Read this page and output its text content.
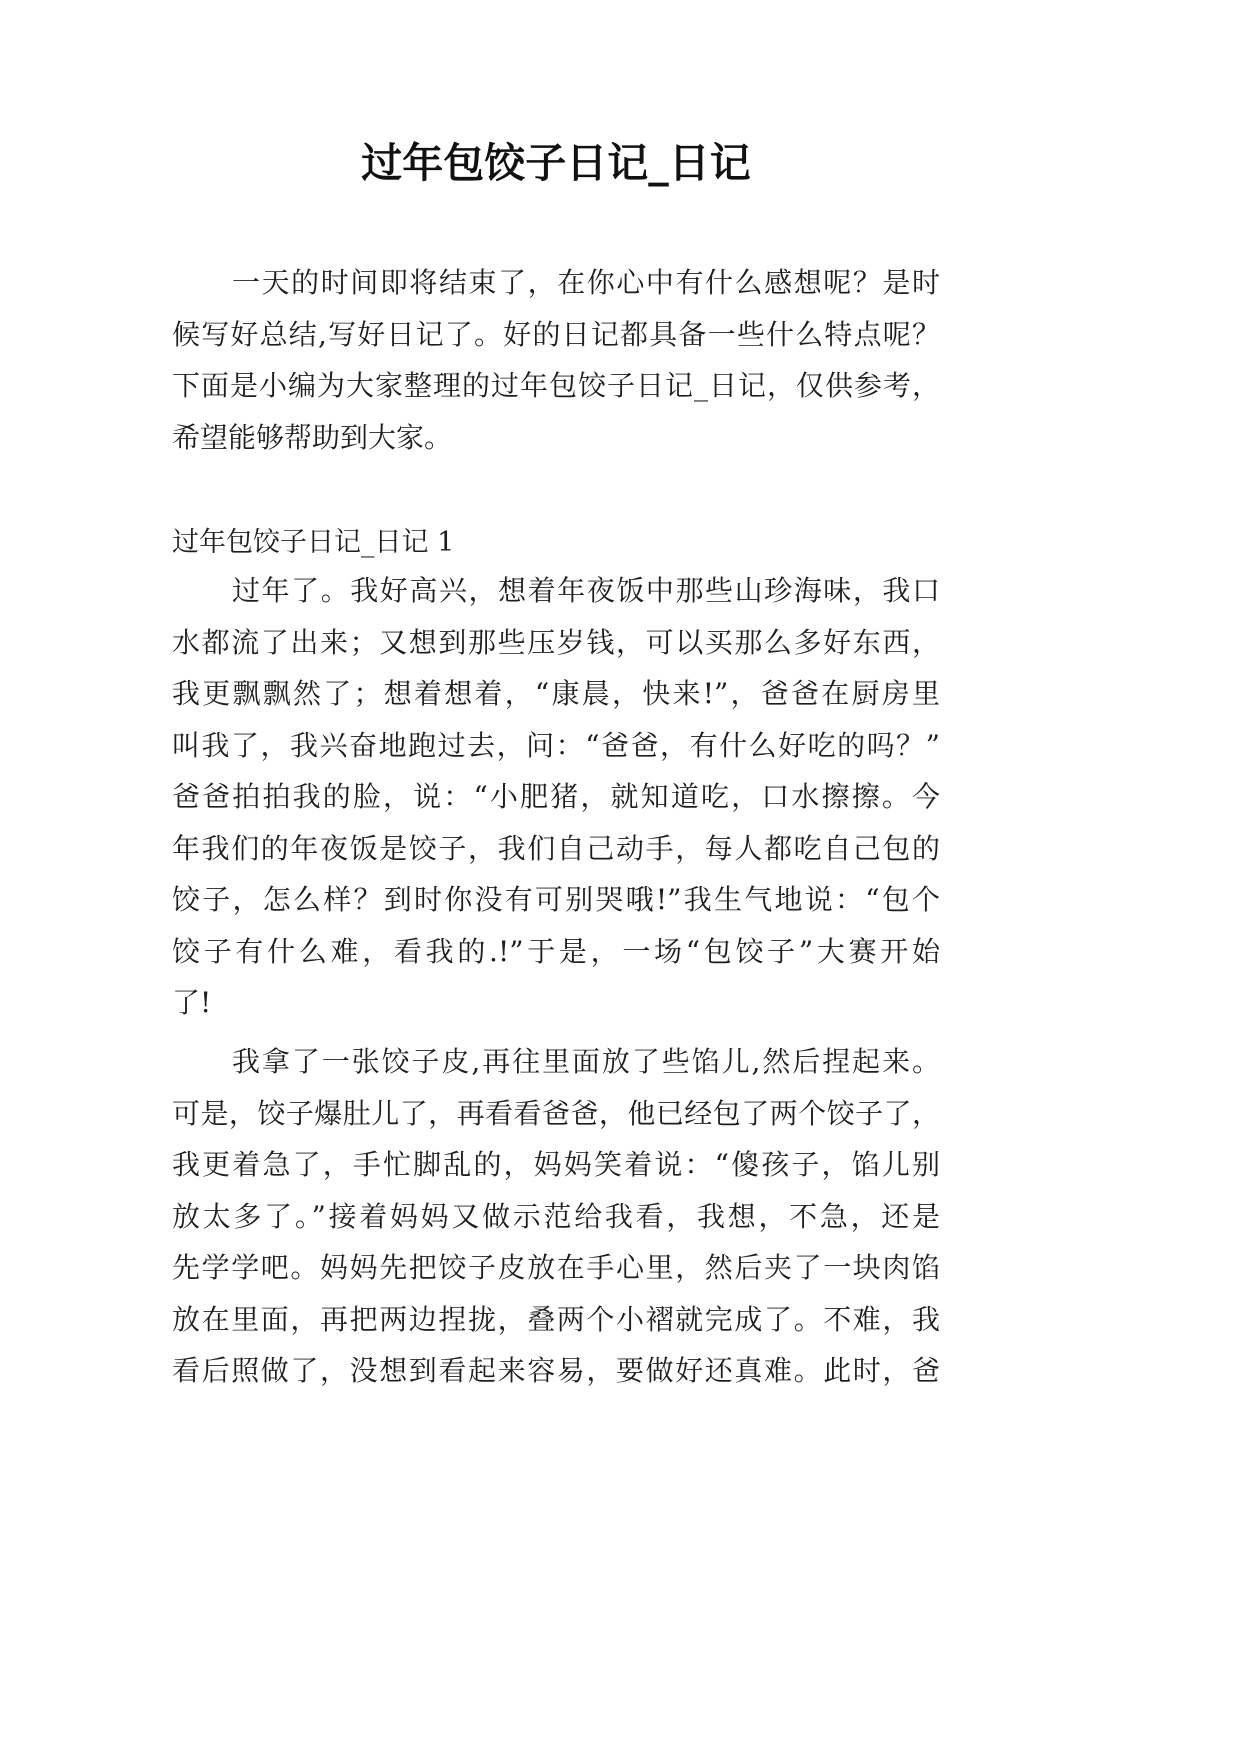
过年包饺子日记_日记
一天的时间即将结束了，在你心中有什么感想呢？是时
候写好总结,写好日记了。好的日记都具备一些什么特点呢？
下面是小编为大家整理的过年包饺子日记_日记，仅供参考，
希望能够帮助到大家。
过年包饺子日记_日记 1
过年了。我好高兴，想着年夜饭中那些山珍海味，我口
水都流了出来；又想到那些压岁钱，可以买那么多好东西，
我更飘飘然了；想着想着，“康晨，快来!”，爸爸在厨房里
叫我了，我兴奋地跑过去，问：“爸爸，有什么好吃的吗？”
爸爸拍拍我的脸，说：“小肥猪，就知道吃，口水擦擦。今
年我们的年夜饭是饺子，我们自己动手，每人都吃自己包的
饺子，怎么样？到时你没有可别哭哦!”我生气地说：“包个
饺子有什么难，看我的.!”于是，一场“包饺子”大赛开始
了!
我拿了一张饺子皮,再往里面放了些馅儿,然后捏起来。
可是，饺子爆肚儿了，再看看爸爸，他已经包了两个饺子了，
我更着急了，手忙脚乱的，妈妈笑着说：“傻孩子，馅儿别
放太多了。”接着妈妈又做示范给我看，我想，不急，还是
先学学吧。妈妈先把饺子皮放在手心里，然后夹了一块肉馅
放在里面，再把两边捏拢，叠两个小褶就完成了。不难，我
看后照做了，没想到看起来容易，要做好还真难。此时，爸
